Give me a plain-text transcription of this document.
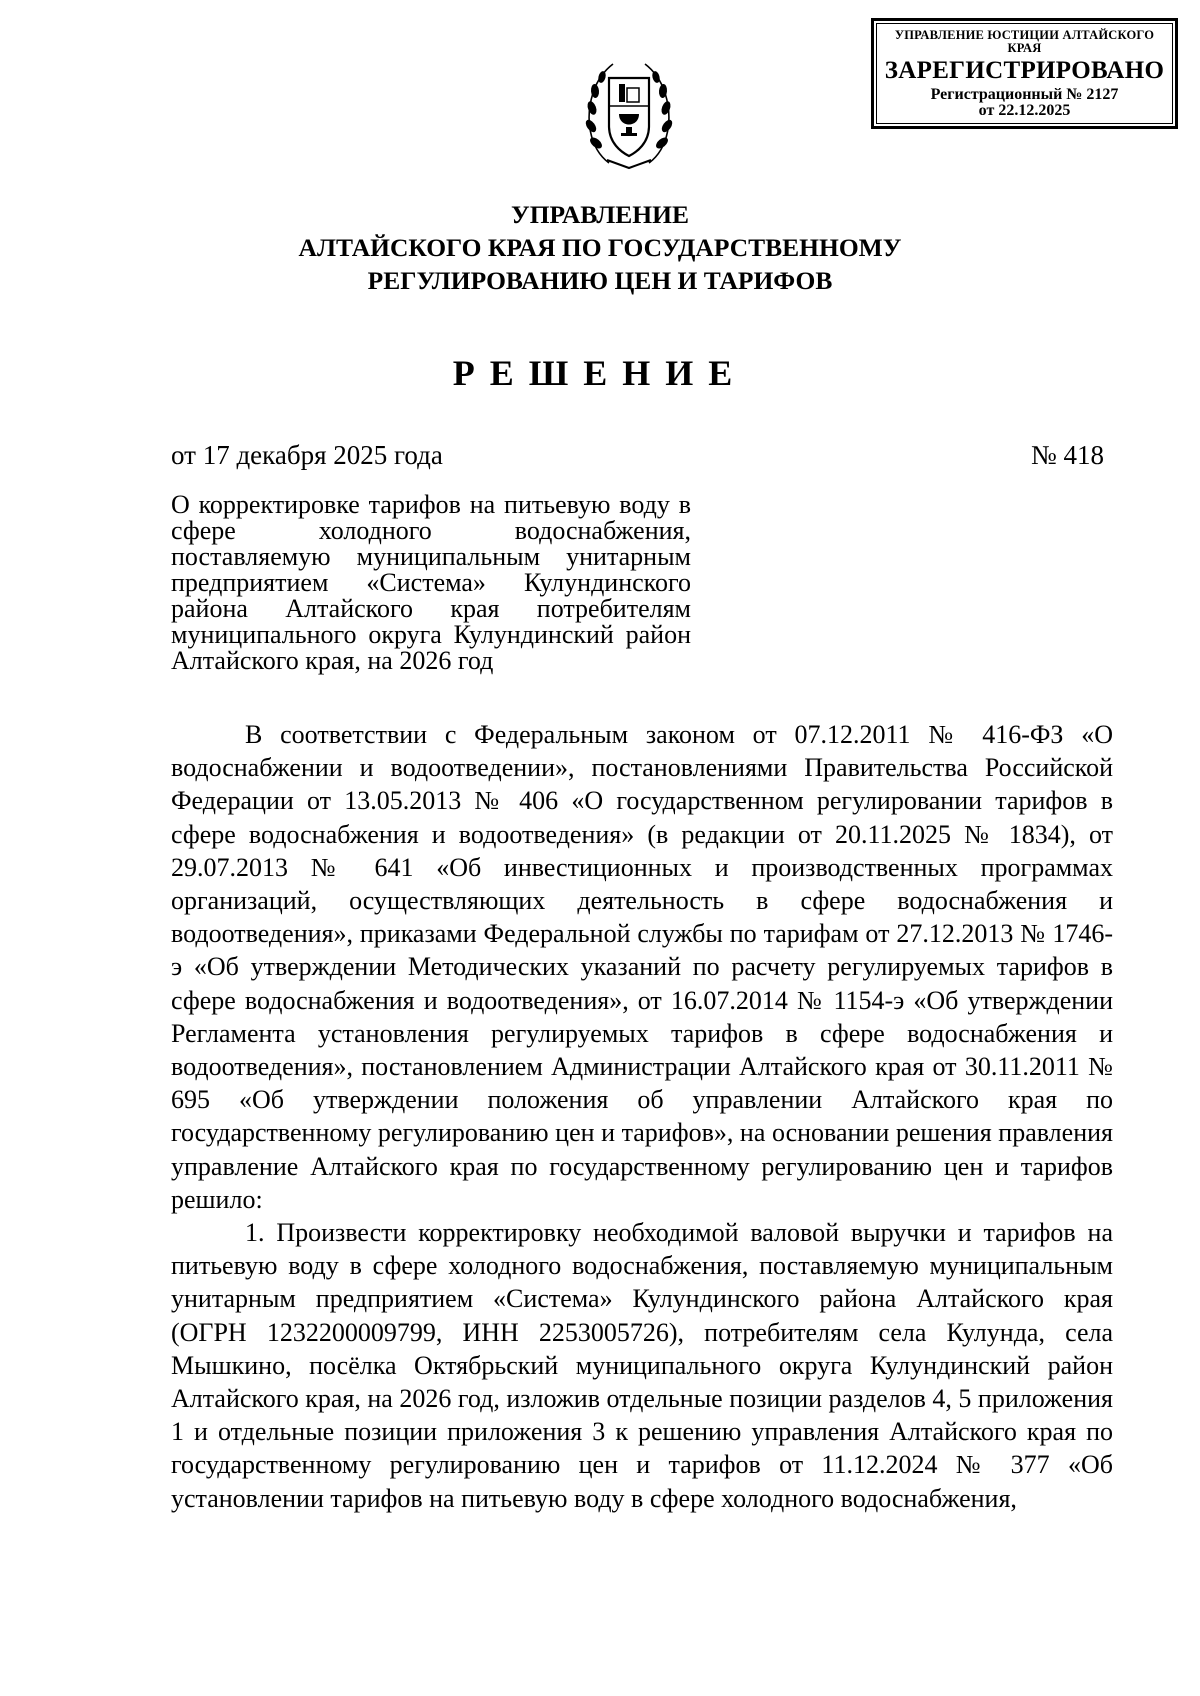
УПРАВЛЕНИЕ ЮСТИЦИИ АЛТАЙСКОГО КРАЯ
ЗАРЕГИСТРИРОВАНО
Регистрационный № 2127
от 22.12.2025
УПРАВЛЕНИЕ
АЛТАЙСКОГО КРАЯ ПО ГОСУДАРСТВЕННОМУ
РЕГУЛИРОВАНИЮ ЦЕН И ТАРИФОВ
РЕШЕНИЕ
от 17 декабря 2025 года	№ 418
О корректировке тарифов на питьевую воду в сфере холодного водоснабжения, поставляемую муниципальным унитарным предприятием «Система» Кулундинского района Алтайского края потребителям муниципального округа Кулундинский район Алтайского края, на 2026 год

В соответствии с Федеральным законом от 07.12.2011 № 416-ФЗ «О водоснабжении и водоотведении», постановлениями Правительства Российской Федерации от 13.05.2013 № 406 «О государственном регулировании тарифов в сфере водоснабжения и водоотведения» (в редакции от 20.11.2025 № 1834), от 29.07.2013 № 641 «Об инвестиционных и производственных программах организаций, осуществляющих деятельность в сфере водоснабжения и водоотведения», приказами Федеральной службы по тарифам от 27.12.2013 № 1746-э «Об утверждении Методических указаний по расчету регулируемых тарифов в сфере водоснабжения и водоотведения», от 16.07.2014 № 1154-э «Об утверждении Регламента установления регулируемых тарифов в сфере водоснабжения и водоотведения», постановлением Администрации Алтайского края от 30.11.2011 № 695 «Об утверждении положения об управлении Алтайского края по государственному регулированию цен и тарифов», на основании решения правления управление Алтайского края по государственному регулированию цен и тарифов решило:

1. Произвести корректировку необходимой валовой выручки и тарифов на питьевую воду в сфере холодного водоснабжения, поставляемую муниципальным унитарным предприятием «Система» Кулундинского района Алтайского края (ОГРН 1232200009799, ИНН 2253005726), потребителям села Кулунда, села Мышкино, посёлка Октябрьский муниципального округа Кулундинский район Алтайского края, на 2026 год, изложив отдельные позиции разделов 4, 5 приложения 1 и отдельные позиции приложения 3 к решению управления Алтайского края по государственному регулированию цен и тарифов от 11.12.2024 № 377 «Об установлении тарифов на питьевую воду в сфере холодного водоснабжения,
